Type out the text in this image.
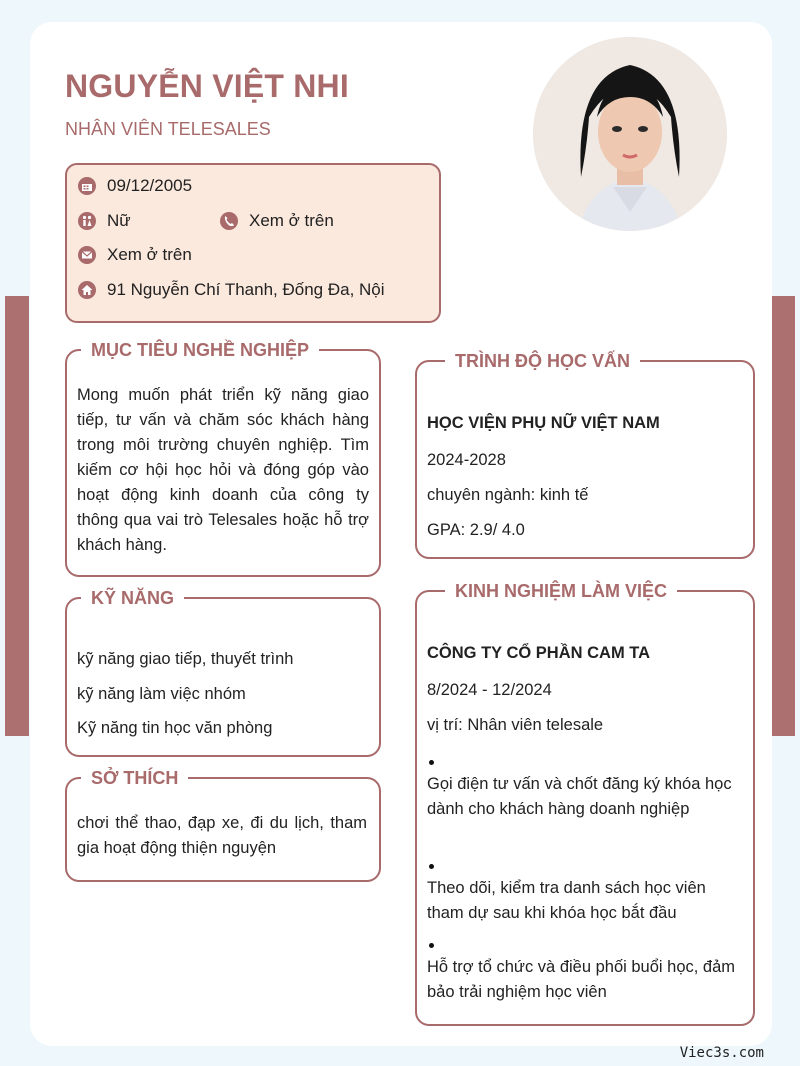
NGUYỄN VIỆT NHI

NHÂN VIÊN TELESALES

09/12/2005
Nữ	Xem ở trên
Xem ở trên
91 Nguyễn Chí Thanh, Đống Đa, Nội
MỤC TIÊU NGHỀ NGHIỆP
Mong muốn phát triển kỹ năng giao tiếp, tư vấn và chăm sóc khách hàng trong môi trường chuyên nghiệp. Tìm kiếm cơ hội học hỏi và đóng góp vào hoạt động kinh doanh của công ty thông qua vai trò Telesales hoặc hỗ trợ khách hàng.
KỸ NĂNG
kỹ năng giao tiếp, thuyết trình
kỹ năng làm việc nhóm
Kỹ năng tin học văn phòng
SỞ THÍCH
chơi thể thao, đạp xe, đi du lịch, tham gia hoạt động thiện nguyện
TRÌNH ĐỘ HỌC VẤN
HỌC VIỆN PHỤ NỮ VIỆT NAM
2024-2028
chuyên ngành: kinh tế
GPA: 2.9/ 4.0
KINH NGHIỆM LÀM VIỆC
CÔNG TY CỔ PHẦN CAM TA
8/2024 - 12/2024
vị trí: Nhân viên telesale
Gọi điện tư vấn và chốt đăng ký khóa học dành cho khách hàng doanh nghiệp
Theo dõi, kiểm tra danh sách học viên tham dự sau khi khóa học bắt đầu
Hỗ trợ tổ chức và điều phối buổi học, đảm bảo trải nghiệm học viên
Viec3s.com
